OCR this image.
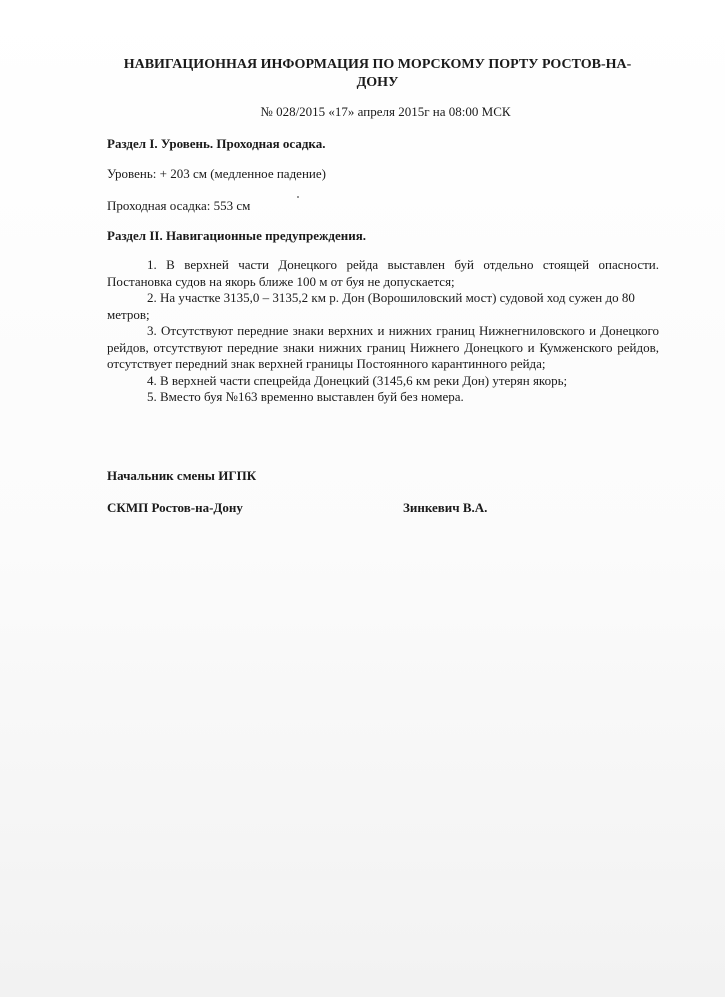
НАВИГАЦИОННАЯ ИНФОРМАЦИЯ ПО МОРСКОМУ ПОРТУ РОСТОВ-НА-ДОНУ

№ 028/2015 «17» апреля 2015г на 08:00 МСК

Раздел I. Уровень. Проходная осадка.

Уровень: + 203 см (медленное падение)

Проходная осадка: 553 см

Раздел II. Навигационные предупреждения.

1. В верхней части Донецкого рейда выставлен буй отдельно стоящей опасности. Постановка судов на якорь ближе 100 м от буя не допускается;
2. На участке 3135,0 – 3135,2 км р. Дон (Ворошиловский мост) судовой ход сужен до 80 метров;
3. Отсутствуют передние знаки верхних и нижних границ Нижнегниловского и Донецкого рейдов, отсутствуют передние знаки нижних границ Нижнего Донецкого и Кумженского рейдов, отсутствует передний знак верхней границы Постоянного карантинного рейда;
4. В верхней части спецрейда Донецкий (3145,6 км реки Дон) утерян якорь;
5. Вместо буя №163 временно выставлен буй без номера.

Начальник смены ИГПК

СКМП Ростов-на-Дону	Зинкевич В.А.
